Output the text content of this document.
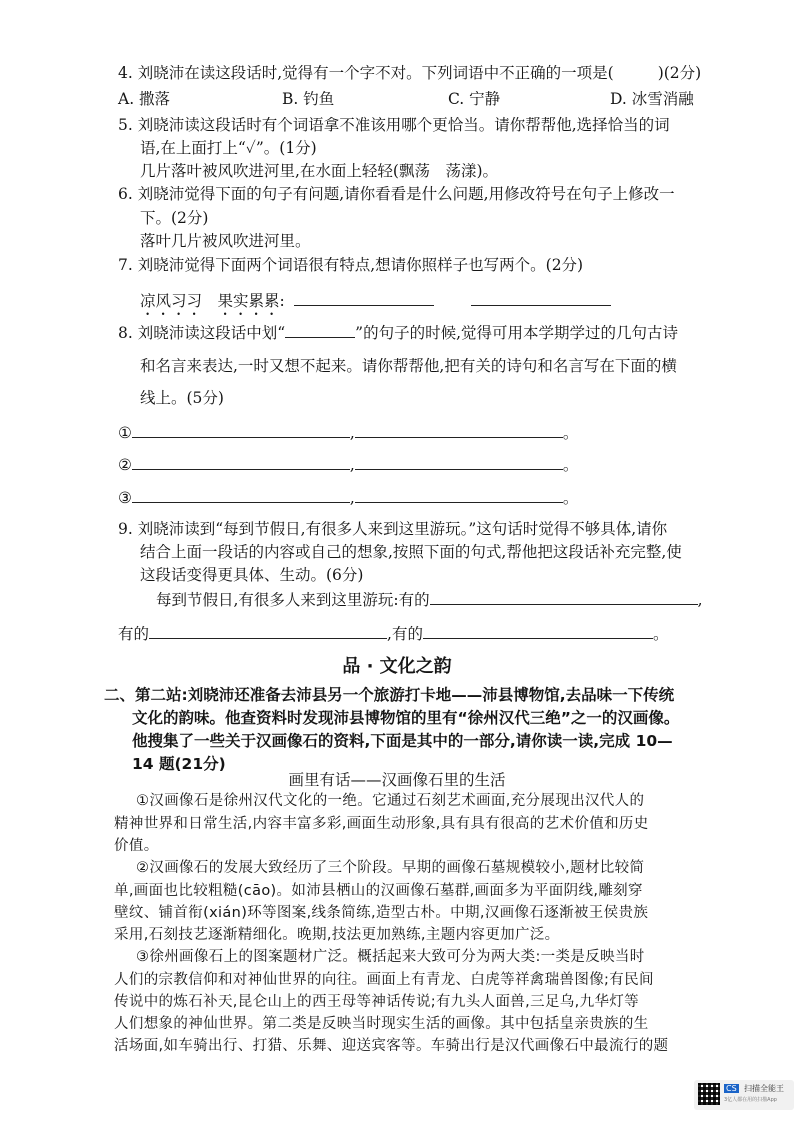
4. 刘晓沛在读这段话时,觉得有一个字不对。下列词语中不正确的一项是(	)(2分)
A. 撒落	B. 钓鱼	C. 宁静	D. 冰雪消融
5. 刘晓沛读这段话时有个词语拿不准该用哪个更恰当。请你帮帮他,选择恰当的词
语,在上面打上“✓”。(1分)
几片落叶被风吹进河里,在水面上轻轻(飘荡　荡漾)。
6. 刘晓沛觉得下面的句子有问题,请你看看是什么问题,用修改符号在句子上修改一
下。(2分)
落叶几片被风吹进河里。
7. 刘晓沛觉得下面两个词语很有特点,想请你照样子也写两个。(2分)
凉风习习　果实累累:
8. 刘晓沛读这段话中划“	”的句子的时候,觉得可用本学期学过的几句古诗
和名言来表达,一时又想不起来。请你帮帮他,把有关的诗句和名言写在下面的横
线上。(5分)
①	,	。
②	,	。
③	,	。
9. 刘晓沛读到“每到节假日,有很多人来到这里游玩。”这句话时觉得不够具体,请你
结合上面一段话的内容或自己的想象,按照下面的句式,帮他把这段话补充完整,使
这段话变得更具体、生动。(6分)
每到节假日,有很多人来到这里游玩:有的	,
有的	,有的	。
品 · 文化之韵
二、第二站:刘晓沛还准备去沛县另一个旅游打卡地——沛县博物馆,去品味一下传统
文化的韵味。他查资料时发现沛县博物馆的里有“徐州汉代三绝”之一的汉画像。
他搜集了一些关于汉画像石的资料,下面是其中的一部分,请你读一读,完成 10—
14 题(21分)
画里有话——汉画像石里的生活
①汉画像石是徐州汉代文化的一绝。它通过石刻艺术画面,充分展现出汉代人的
精神世界和日常生活,内容丰富多彩,画面生动形象,具有具有很高的艺术价值和历史
价值。
②汉画像石的发展大致经历了三个阶段。早期的画像石墓规模较小,题材比较简
单,画面也比较粗糙(cāo)。如沛县栖山的汉画像石墓群,画面多为平面阴线,雕刻穿
壁纹、铺首衔(xián)环等图案,线条简练,造型古朴。中期,汉画像石逐渐被王侯贵族
采用,石刻技艺逐渐精细化。晚期,技法更加熟练,主题内容更加广泛。
③徐州画像石上的图案题材广泛。概括起来大致可分为两大类:一类是反映当时
人们的宗教信仰和对神仙世界的向往。画面上有青龙、白虎等祥禽瑞兽图像;有民间
传说中的炼石补天,昆仑山上的西王母等神话传说;有九头人面兽,三足乌,九华灯等
人们想象的神仙世界。第二类是反映当时现实生活的画像。其中包括皇亲贵族的生
活场面,如车骑出行、打猎、乐舞、迎送宾客等。车骑出行是汉代画像石中最流行的题
CS 扫描全能王
3亿人都在用的扫描App
